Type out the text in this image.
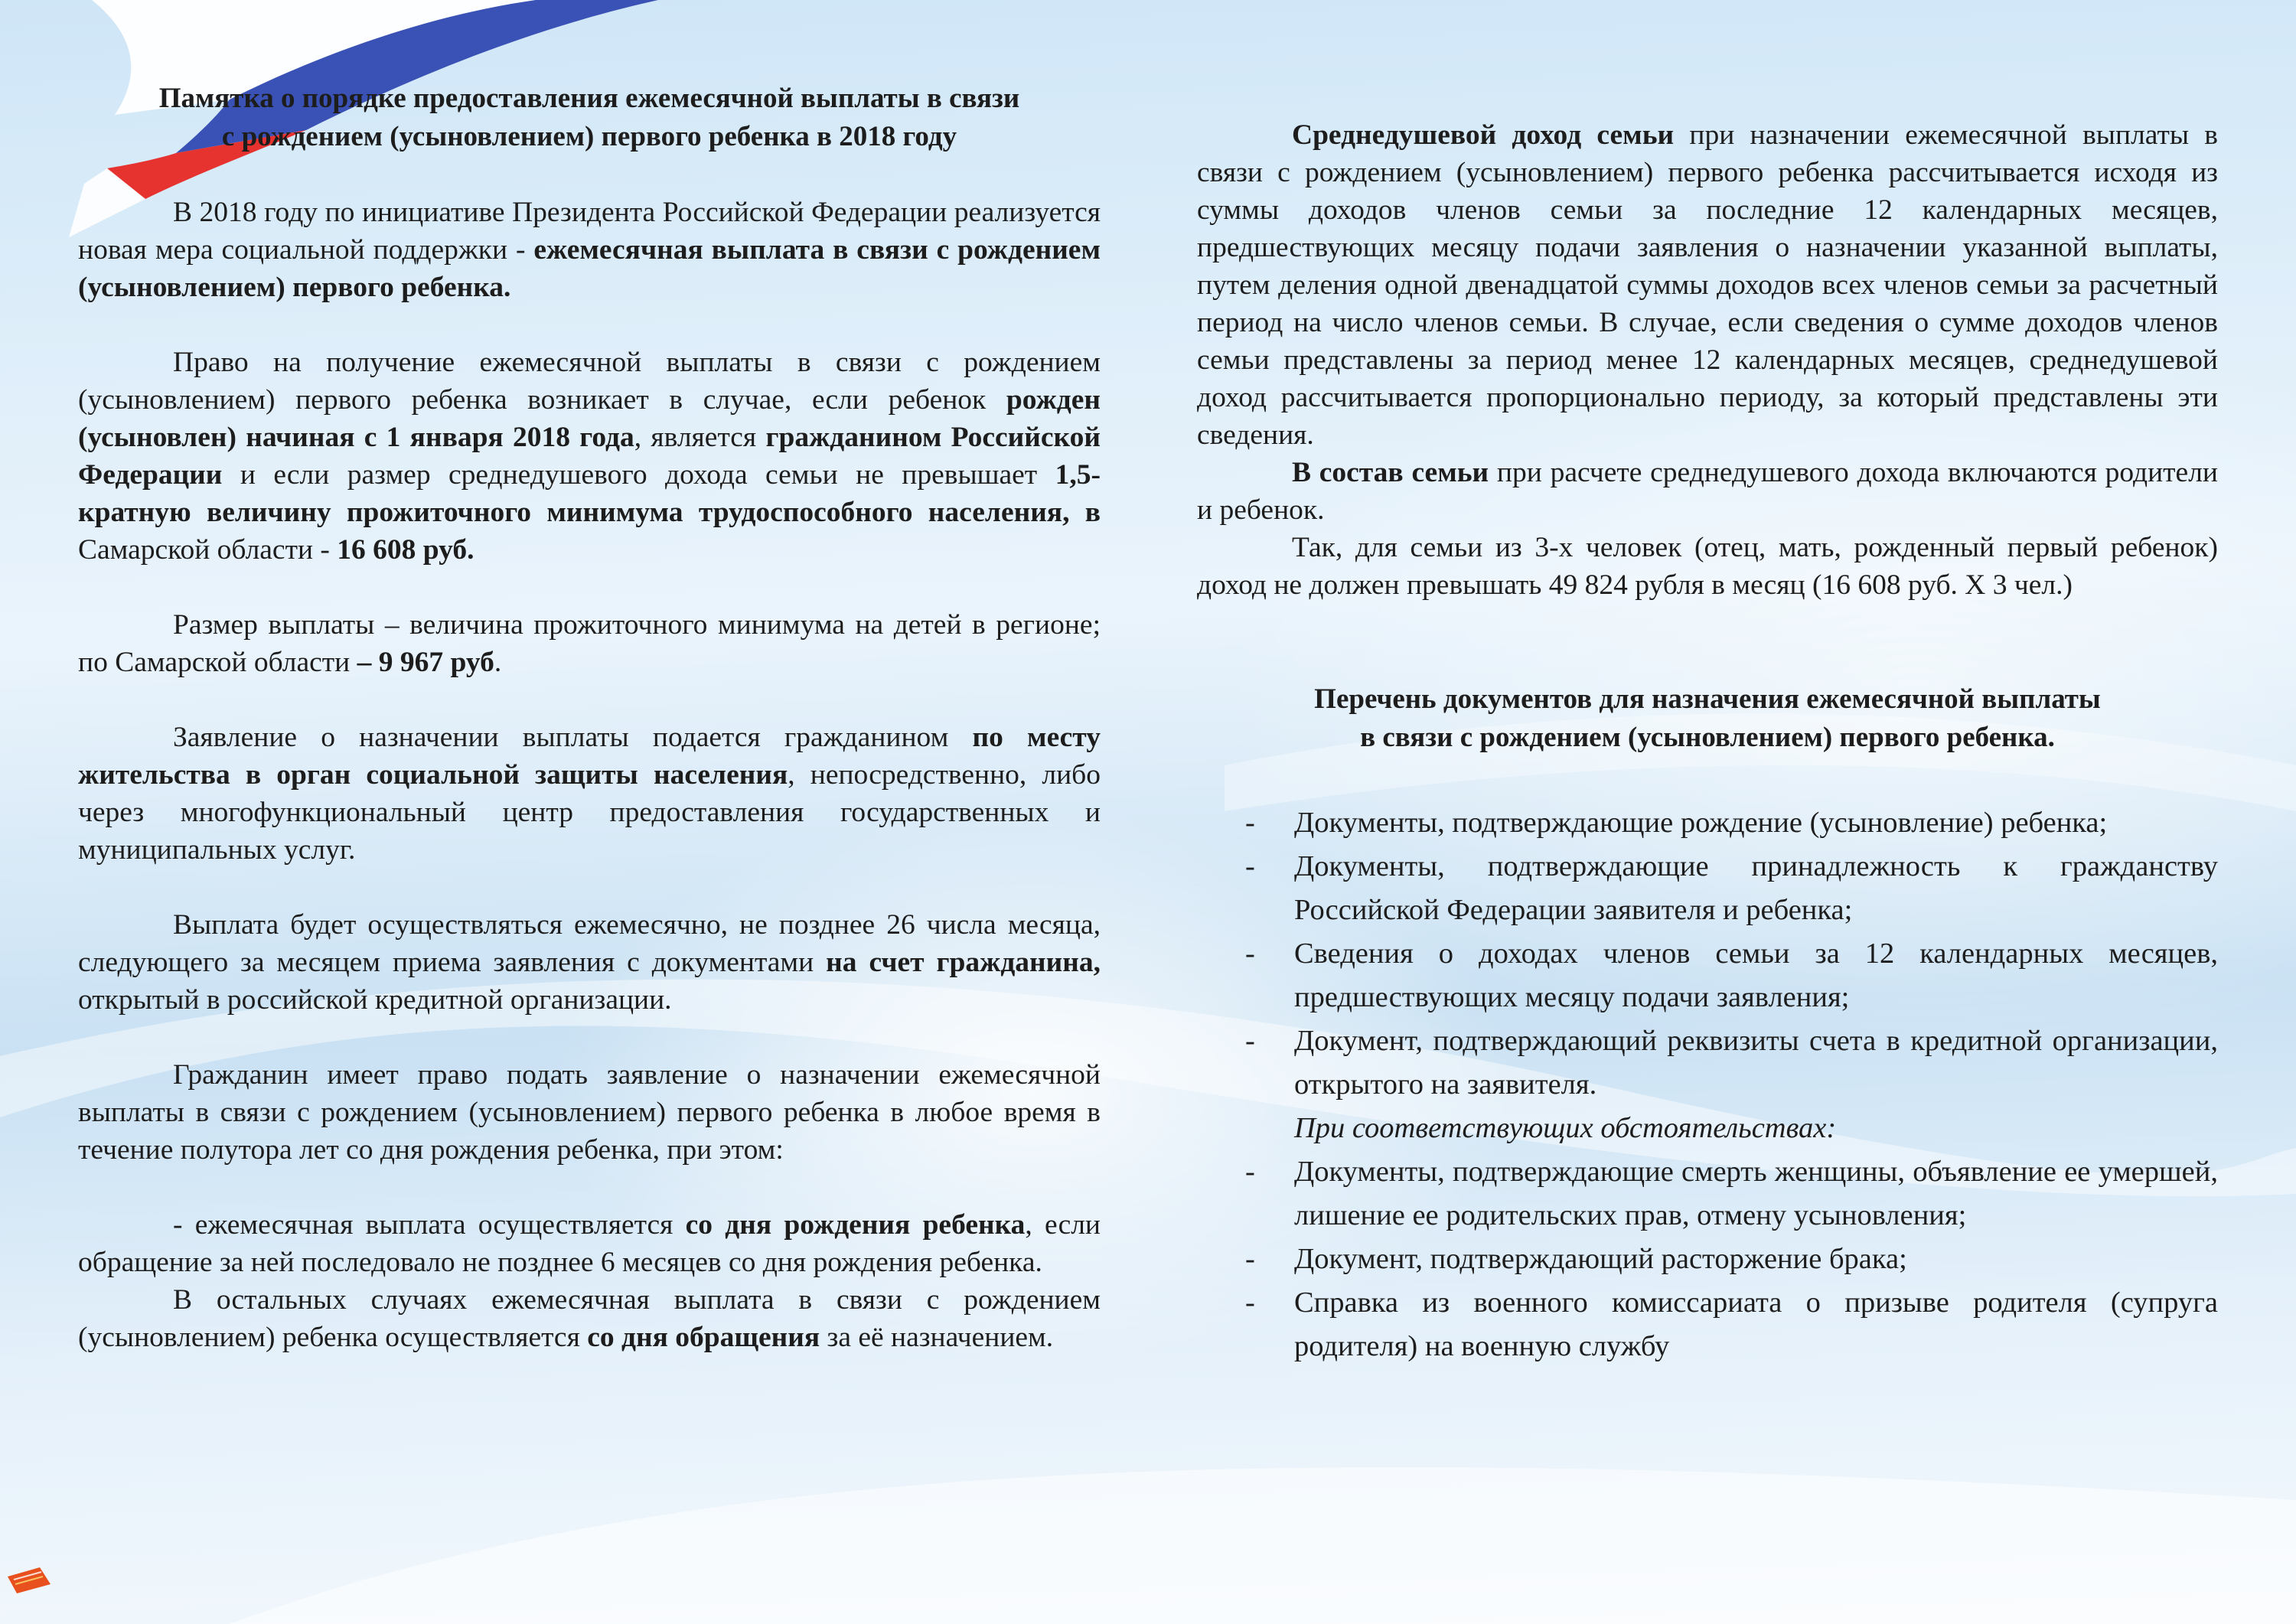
Памятка о порядке предоставления ежемесячной выплаты в связи
с рождением (усыновлением) первого ребенка в 2018 году

В 2018 году по инициативе Президента Российской Федерации реализуется новая мера социальной поддержки - ежемесячная выплата в связи с рождением (усыновлением) первого ребенка.

Право на получение ежемесячной выплаты в связи с рождением (усыновлением) первого ребенка возникает в случае, если ребенок рожден (усыновлен) начиная с 1 января 2018 года, является гражданином Российской Федерации и если размер среднедушевого дохода семьи не превышает 1,5-кратную величину прожиточного минимума трудоспособного населения, в Самарской области - 16 608 руб.

Размер выплаты – величина прожиточного минимума на детей в регионе; по Самарской области – 9 967 руб.

Заявление о назначении выплаты подается гражданином по месту жительства в орган социальной защиты населения, непосредственно, либо через многофункциональный центр предоставления государственных и муниципальных услуг.

Выплата будет осуществляться ежемесячно, не позднее 26 числа месяца, следующего за месяцем приема заявления с документами на счет гражданина, открытый в российской кредитной организации.

Гражданин имеет право подать заявление о назначении ежемесячной выплаты в связи с рождением (усыновлением) первого ребенка в любое время в течение полутора лет со дня рождения ребенка, при этом:

- ежемесячная выплата осуществляется со дня рождения ребенка, если обращение за ней последовало не позднее 6 месяцев со дня рождения ребенка.

В остальных случаях ежемесячная выплата в связи с рождением (усыновлением) ребенка осуществляется со дня обращения за её назначением.

Среднедушевой доход семьи при назначении ежемесячной выплаты в связи с рождением (усыновлением) первого ребенка рассчитывается исходя из суммы доходов членов семьи за последние 12 календарных месяцев, предшествующих месяцу подачи заявления о назначении указанной выплаты, путем деления одной двенадцатой суммы доходов всех членов семьи за расчетный период на число членов семьи. В случае, если сведения о сумме доходов членов семьи представлены за период менее 12 календарных месяцев, среднедушевой доход рассчитывается пропорционально периоду, за который представлены эти сведения.

В состав семьи при расчете среднедушевого дохода включаются родители и ребенок.

Так, для семьи из 3-х человек (отец, мать, рожденный первый ребенок) доход не должен превышать 49 824 рубля в месяц (16 608 руб. Х 3 чел.)

Перечень документов для назначения ежемесячной выплаты
в связи с рождением (усыновлением) первого ребенка.

- Документы, подтверждающие рождение (усыновление) ребенка;
- Документы, подтверждающие принадлежность к гражданству Российской Федерации заявителя и ребенка;
- Сведения о доходах членов семьи за 12 календарных месяцев, предшествующих месяцу подачи заявления;
- Документ, подтверждающий реквизиты счета в кредитной организации, открытого на заявителя.
При соответствующих обстоятельствах:
- Документы, подтверждающие смерть женщины, объявление ее умершей, лишение ее родительских прав, отмену усыновления;
- Документ, подтверждающий расторжение брака;
- Справка из военного комиссариата о призыве родителя (супруга родителя) на военную службу
